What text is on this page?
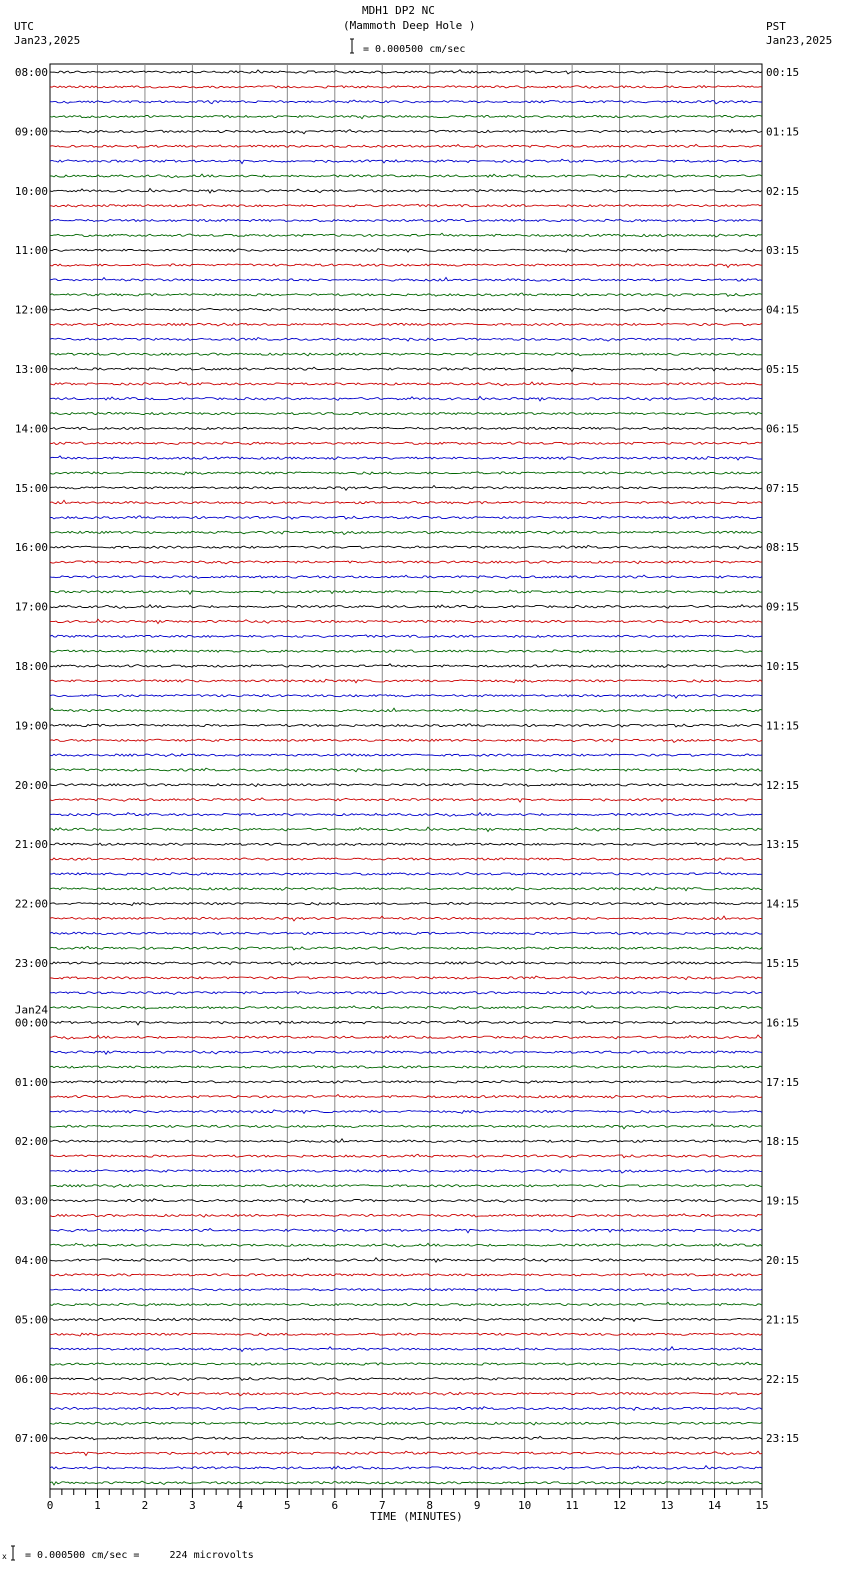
08:00
09:00
10:00
11:00
12:00
13:00
14:00
15:00
16:00
17:00
18:00
19:00
20:00
21:00
22:00
23:00
00:00
Jan24
01:00
02:00
03:00
04:00
05:00
06:00
07:00
00:15
01:15
02:15
03:15
04:15
05:15
06:15
07:15
08:15
09:15
10:15
11:15
12:15
13:15
14:15
15:15
16:15
17:15
18:15
19:15
20:15
21:15
22:15
23:15
0	1	2	3	4	5	6	7	8	9	10	11	12	13	14	15
MDH1 DP2 NC
(Mammoth Deep Hole )
= 0.000500 cm/sec
UTC
Jan23,2025
PST
Jan23,2025
TIME (MINUTES)
x = 0.000500 cm/sec =     224 microvolts
